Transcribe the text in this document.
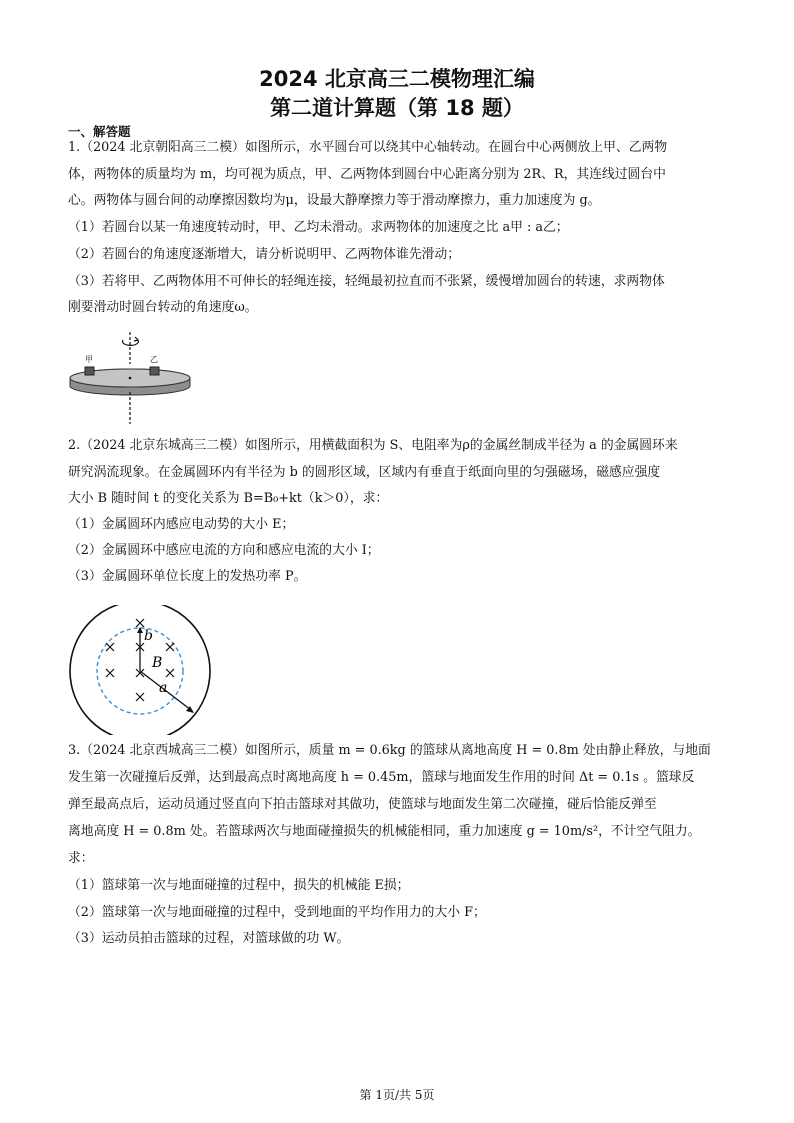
2024 北京高三二模物理汇编
第二道计算题（第 18 题）
一、解答题
1.（2024 北京朝阳高三二模）如图所示，水平圆台可以绕其中心轴转动。在圆台中心两侧放上甲、乙两物
体，两物体的质量均为 m，均可视为质点，甲、乙两物体到圆台中心距离分别为 2R、R，其连线过圆台中
心。两物体与圆台间的动摩擦因数均为μ，设最大静摩擦力等于滑动摩擦力，重力加速度为 g。
（1）若圆台以某一角速度转动时，甲、乙均未滑动。求两物体的加速度之比 a甲 : a乙；
（2）若圆台的角速度逐渐增大，请分析说明甲、乙两物体谁先滑动；
（3）若将甲、乙两物体用不可伸长的轻绳连接，轻绳最初拉直而不张紧，缓慢增加圆台的转速，求两物体
刚要滑动时圆台转动的角速度ω。
甲	乙
2.（2024 北京东城高三二模）如图所示，用横截面积为 S、电阻率为ρ的金属丝制成半径为 a 的金属圆环来
研究涡流现象。在金属圆环内有半径为 b 的圆形区域，区域内有垂直于纸面向里的匀强磁场，磁感应强度
大小 B 随时间 t 的变化关系为 B=B₀+kt（k＞0），求：
（1）金属圆环内感应电动势的大小 E；
（2）金属圆环中感应电流的方向和感应电流的大小 I；
（3）金属圆环单位长度上的发热功率 P。
b
B
a
3.（2024 北京西城高三二模）如图所示，质量 m = 0.6kg 的篮球从离地高度 H = 0.8m 处由静止释放，与地面
发生第一次碰撞后反弹，达到最高点时离地高度 h = 0.45m，篮球与地面发生作用的时间 Δt = 0.1s 。篮球反
弹至最高点后，运动员通过竖直向下拍击篮球对其做功，使篮球与地面发生第二次碰撞，碰后恰能反弹至
离地高度 H = 0.8m 处。若篮球两次与地面碰撞损失的机械能相同，重力加速度 g = 10m/s²，不计空气阻力。
求：
（1）篮球第一次与地面碰撞的过程中，损失的机械能 E损；
（2）篮球第一次与地面碰撞的过程中，受到地面的平均作用力的大小 F；
（3）运动员拍击篮球的过程，对篮球做的功 W。
第 1页/共 5页
